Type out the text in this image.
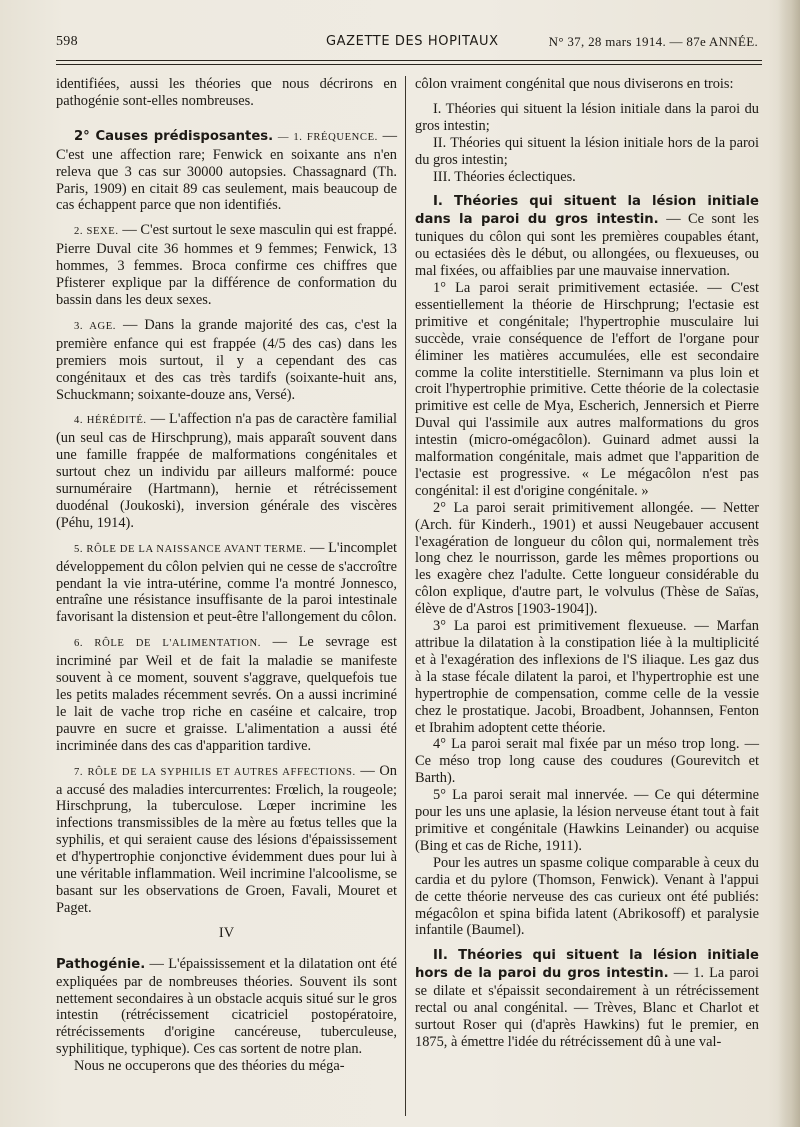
598	GAZETTE DES HOPITAUX	N° 37, 28 mars 1914. — 87e ANNÉE.

identifiées, aussi les théories que nous décrirons en pathogénie sont-elles nombreuses.

2° Causes prédisposantes. — 1. FRÉQUENCE. — C'est une affection rare; Fenwick en soixante ans n'en releva que 3 cas sur 30000 autopsies. Chassagnard (Th. Paris, 1909) en citait 89 cas seulement, mais beaucoup de cas échappent parce que non identifiés.

2. SEXE. — C'est surtout le sexe masculin qui est frappé. Pierre Duval cite 36 hommes et 9 femmes; Fenwick, 13 hommes, 3 femmes. Broca confirme ces chiffres que Pfisterer explique par la différence de conformation du bassin dans les deux sexes.

3. AGE. — Dans la grande majorité des cas, c'est la première enfance qui est frappée (4/5 des cas) dans les premiers mois surtout, il y a cependant des cas congénitaux et des cas très tardifs (soixante-huit ans, Schuckmann; soixante-douze ans, Versé).

4. HÉRÉDITÉ. — L'affection n'a pas de caractère familial (un seul cas de Hirschprung), mais apparaît souvent dans une famille frappée de malformations congénitales et surtout chez un individu par ailleurs malformé: pouce surnuméraire (Hartmann), hernie et rétrécissement duodénal (Joukoski), inversion générale des viscères (Péhu, 1914).

5. RÔLE DE LA NAISSANCE AVANT TERME. — L'incomplet développement du côlon pelvien qui ne cesse de s'accroître pendant la vie intra-utérine, comme l'a montré Jonnesco, entraîne une résistance insuffisante de la paroi intestinale favorisant la distension et peut-être l'allongement du côlon.

6. RÔLE DE L'ALIMENTATION. — Le sevrage est incriminé par Weil et de fait la maladie se manifeste souvent à ce moment, souvent s'aggrave, quelquefois tue les petits malades récemment sevrés. On a aussi incriminé le lait de vache trop riche en caséine et calcaire, trop pauvre en sucre et graisse. L'alimentation a aussi été incriminée dans des cas d'apparition tardive.

7. RÔLE DE LA SYPHILIS ET AUTRES AFFECTIONS. — On a accusé des maladies intercurrentes: Frœlich, la rougeole; Hirschprung, la tuberculose. Lœper incrimine les infections transmissibles de la mère au fœtus telles que la syphilis, et qui seraient cause des lésions d'épaississement et d'hypertrophie conjonctive évidemment dues pour lui à une véritable inflammation. Weil incrimine l'alcoolisme, se basant sur les observations de Groen, Favali, Mouret et Paget.

IV

Pathogénie. — L'épaississement et la dilatation ont été expliquées par de nombreuses théories. Souvent ils sont nettement secondaires à un obstacle acquis situé sur le gros intestin (rétrécissement cicatriciel postopératoire, rétrécissements d'origine cancéreuse, tuberculeuse, syphilitique, typhique). Ces cas sortent de notre plan.

Nous ne occuperons que des théories du méga-

côlon vraiment congénital que nous diviserons en trois:

I. Théories qui situent la lésion initiale dans la paroi du gros intestin;

II. Théories qui situent la lésion initiale hors de la paroi du gros intestin;

III. Théories éclectiques.

I. Théories qui situent la lésion initiale dans la paroi du gros intestin. — Ce sont les tuniques du côlon qui sont les premières coupables étant, ou ectasiées dès le début, ou allongées, ou flexueuses, ou mal fixées, ou affaiblies par une mauvaise innervation.

1° La paroi serait primitivement ectasiée. — C'est essentiellement la théorie de Hirschprung; l'ectasie est primitive et congénitale; l'hypertrophie musculaire lui succède, vraie conséquence de l'effort de l'organe pour éliminer les matières accumulées, elle est secondaire comme la colite interstitielle. Sternimann va plus loin et croit l'hypertrophie primitive. Cette théorie de la colectasie primitive est celle de Mya, Escherich, Jennersich et Pierre Duval qui l'assimile aux autres malformations du gros intestin (micro-omégacôlon). Guinard admet aussi la malformation congénitale, mais admet que l'apparition de l'ectasie est progressive. « Le mégacôlon n'est pas congénital: il est d'origine congénitale. »

2° La paroi serait primitivement allongée. — Netter (Arch. für Kinderh., 1901) et aussi Neugebauer accusent l'exagération de longueur du côlon qui, normalement très long chez le nourrisson, garde les mêmes proportions ou les exagère chez l'adulte. Cette longueur considérable du côlon explique, d'autre part, le volvulus (Thèse de Saïas, élève de d'Astros [1903-1904]).

3° La paroi est primitivement flexueuse. — Marfan attribue la dilatation à la constipation liée à la multiplicité et à l'exagération des inflexions de l'S iliaque. Les gaz dus à la stase fécale dilatent la paroi, et l'hypertrophie est une hypertrophie de compensation, comme celle de la vessie chez le prostatique. Jacobi, Broadbent, Johannsen, Fenton et Ibrahim adoptent cette théorie.

4° La paroi serait mal fixée par un méso trop long. — Ce méso trop long cause des coudures (Gourevitch et Barth).

5° La paroi serait mal innervée. — Ce qui détermine pour les uns une aplasie, la lésion nerveuse étant tout à fait primitive et congénitale (Hawkins Leinander) ou acquise (Bing et cas de Riche, 1911).

Pour les autres un spasme colique comparable à ceux du cardia et du pylore (Thomson, Fenwick). Venant à l'appui de cette théorie nerveuse des cas curieux ont été publiés: mégacôlon et spina bifida latent (Abrikosoff) et paralysie infantile (Baumel).

II. Théories qui situent la lésion initiale hors de la paroi du gros intestin. — 1. La paroi se dilate et s'épaissit secondairement à un rétrécissement rectal ou anal congénital. — Trèves, Blanc et Charlot et surtout Roser qui (d'après Hawkins) fut le premier, en 1875, à émettre l'idée du rétrécissement dû à une val-
